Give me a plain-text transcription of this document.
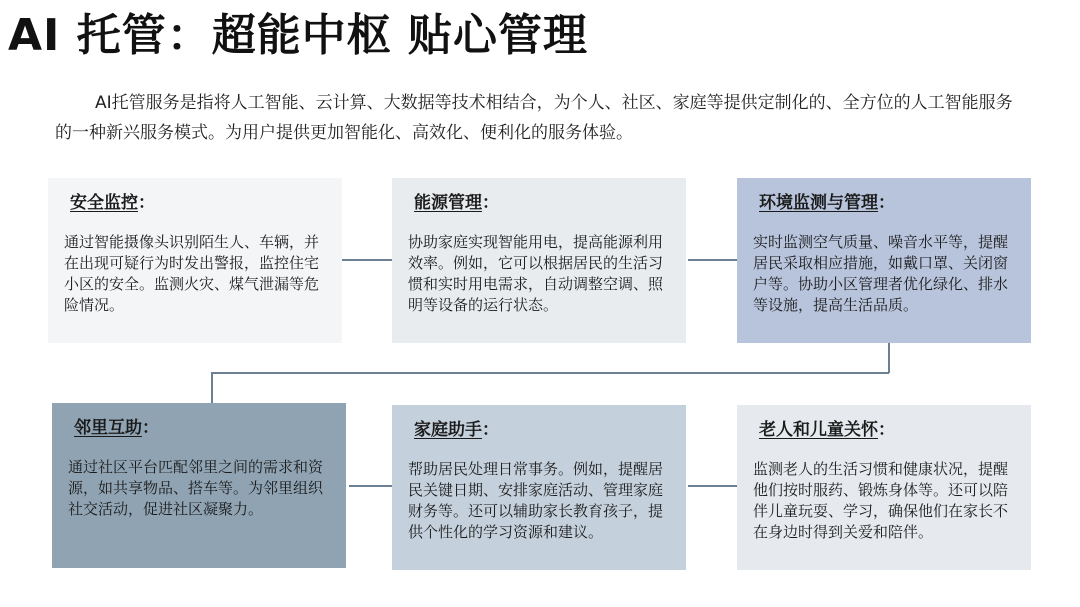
AI 托管：超能中枢 贴心管理
AI托管服务是指将人工智能、云计算、大数据等技术相结合，为个人、社区、家庭等提供定制化的、全方位的人工智能服务的一种新兴服务模式。为用户提供更加智能化、高效化、便利化的服务体验。
安全监控：
通过智能摄像头识别陌生人、车辆，并在出现可疑行为时发出警报，监控住宅小区的安全。监测火灾、煤气泄漏等危险情况。
能源管理：
协助家庭实现智能用电，提高能源利用效率。例如，它可以根据居民的生活习惯和实时用电需求，自动调整空调、照明等设备的运行状态。
环境监测与管理：
实时监测空气质量、噪音水平等，提醒居民采取相应措施，如戴口罩、关闭窗户等。协助小区管理者优化绿化、排水等设施，提高生活品质。
邻里互助：
通过社区平台匹配邻里之间的需求和资源，如共享物品、搭车等。为邻里组织社交活动，促进社区凝聚力。
家庭助手：
帮助居民处理日常事务。例如，提醒居民关键日期、安排家庭活动、管理家庭财务等。还可以辅助家长教育孩子，提供个性化的学习资源和建议。
老人和儿童关怀：
监测老人的生活习惯和健康状况，提醒他们按时服药、锻炼身体等。还可以陪伴儿童玩耍、学习，确保他们在家长不在身边时得到关爱和陪伴。
